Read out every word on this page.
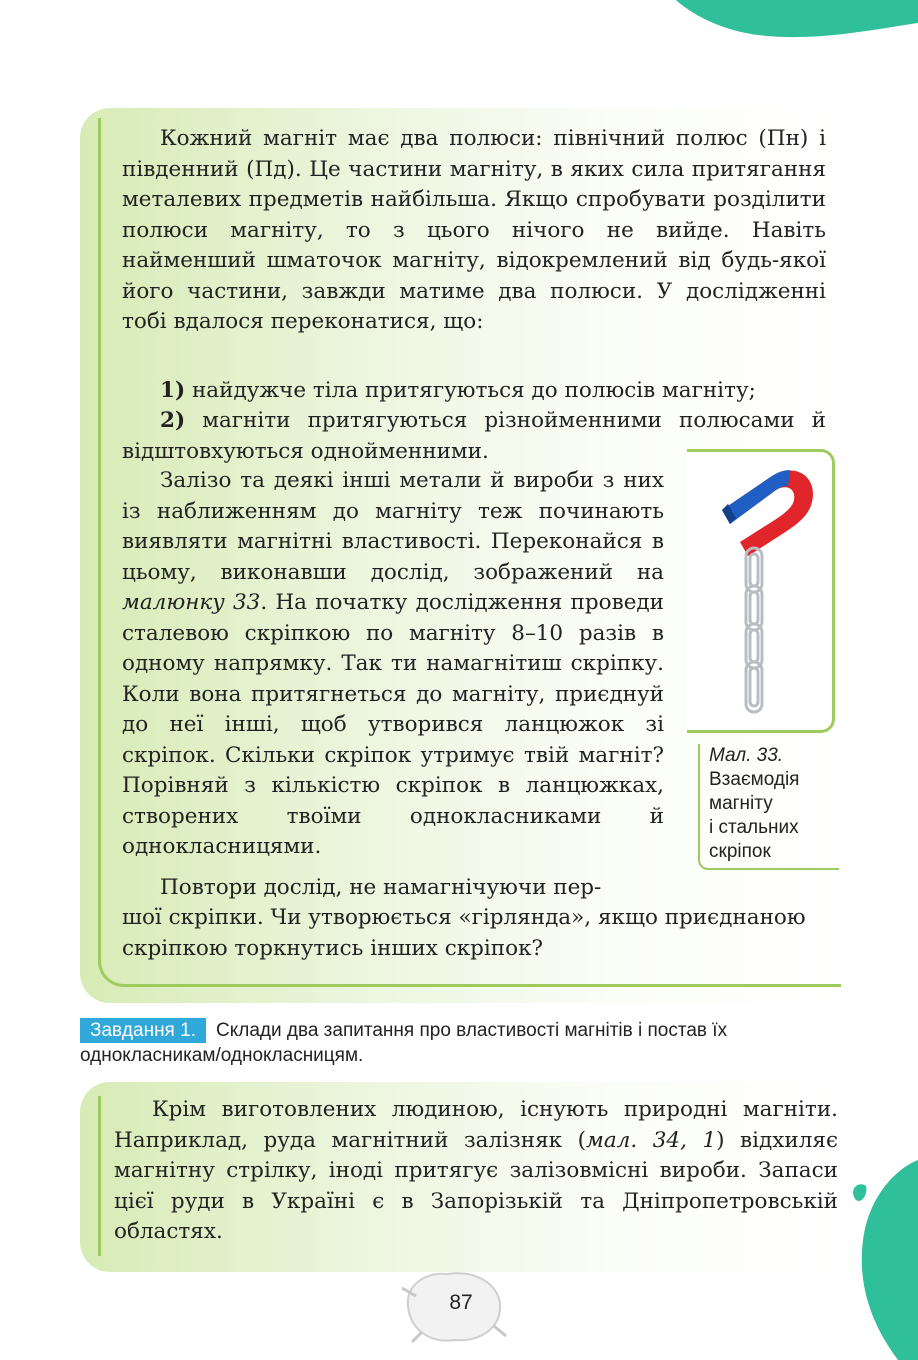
Кожний магніт має два полюси: північний полюс (Пн) і південний (Пд). Це частини магніту, в яких сила притягання металевих предметів найбільша. Якщо спробувати розділити полюси магніту, то з цього нічого не вийде. Навіть найменший шматочок магніту, відокремлений від будь-якої його частини, завжди матиме два полюси. У дослідженні тобі вдалося переконатися, що:

1) найдужче тіла притягуються до полюсів магніту;

2) магніти притягуються різнойменними полюсами й відштовхуються однойменними.

Залізо та деякі інші метали й вироби з них із наближенням до магніту теж починають виявляти магнітні властивості. Переконайся в цьому, виконавши дослід, зображений на малюнку 33. На початку дослідження проведи сталевою скріпкою по магніту 8–10 разів в одному напрямку. Так ти намагнітиш скріпку. Коли вона притягнеться до магніту, приєднуй до неї інші, щоб утворився ланцюжок зі скріпок. Скільки скріпок утримує твій магніт? Порівняй з кількістю скріпок в ланцюжках, створених твоїми однокласниками й однокласницями.

Повтори дослід, не намагнічуючи пер-

шої скріпки. Чи утворюється «гірлянда», якщо приєднаною скріпкою торкнутись інших скріпок?

Мал. 33.
Взаємодія
магніту
і стальних
скріпок
Завдання 1. Склади два запитання про властивості магнітів і постав їх однокласникам/однокласницям.

Крім виготовлених людиною, існують природні магніти. Наприклад, руда магнітний залізняк (мал. 34, 1) відхиляє магнітну стрілку, іноді притягує залізовмісні вироби. Запаси цієї руди в Україні є в Запорізькій та Дніпропетровській областях.

87
